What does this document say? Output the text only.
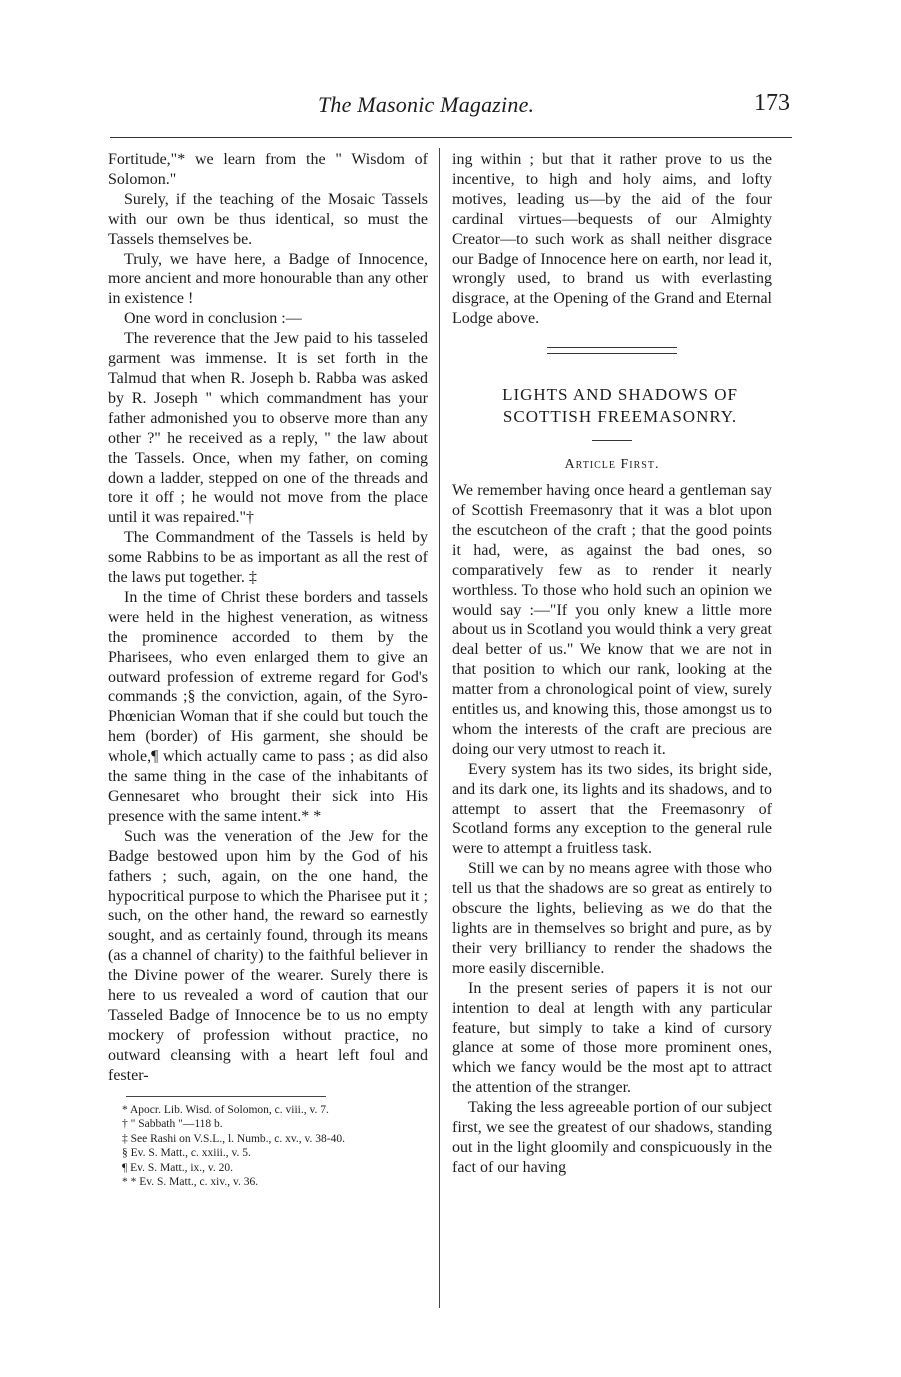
The Masonic Magazine.	173

Fortitude,"* we learn from the " Wisdom of Solomon."

Surely, if the teaching of the Mosaic Tassels with our own be thus identical, so must the Tassels themselves be.

Truly, we have here, a Badge of Innocence, more ancient and more honourable than any other in existence !

One word in conclusion :—

The reverence that the Jew paid to his tasseled garment was immense. It is set forth in the Talmud that when R. Joseph b. Rabba was asked by R. Joseph " which commandment has your father admonished you to observe more than any other ?" he received as a reply, " the law about the Tassels. Once, when my father, on coming down a ladder, stepped on one of the threads and tore it off ; he would not move from the place until it was repaired."†

The Commandment of the Tassels is held by some Rabbins to be as important as all the rest of the laws put together. ‡

In the time of Christ these borders and tassels were held in the highest veneration, as witness the prominence accorded to them by the Pharisees, who even enlarged them to give an outward profession of extreme regard for God's commands ;§ the conviction, again, of the Syro-Phœnician Woman that if she could but touch the hem (border) of His garment, she should be whole,¶ which actually came to pass ; as did also the same thing in the case of the inhabitants of Gennesaret who brought their sick into His presence with the same intent.* *

Such was the veneration of the Jew for the Badge bestowed upon him by the God of his fathers ; such, again, on the one hand, the hypocritical purpose to which the Pharisee put it ; such, on the other hand, the reward so earnestly sought, and as certainly found, through its means (as a channel of charity) to the faithful believer in the Divine power of the wearer. Surely there is here to us revealed a word of caution that our Tasseled Badge of Innocence be to us no empty mockery of profession without practice, no outward cleansing with a heart left foul and fester-

* Apocr. Lib. Wisd. of Solomon, c. viii., v. 7.
† " Sabbath "—118 b.
‡ See Rashi on V.S.L., l. Numb., c. xv., v. 38-40.
§ Ev. S. Matt., c. xxiii., v. 5.
¶ Ev. S. Matt., ix., v. 20.
* * Ev. S. Matt., c. xiv., v. 36.

ing within ; but that it rather prove to us the incentive, to high and holy aims, and lofty motives, leading us—by the aid of the four cardinal virtues—bequests of our Almighty Creator—to such work as shall neither disgrace our Badge of Innocence here on earth, nor lead it, wrongly used, to brand us with everlasting disgrace, at the Opening of the Grand and Eternal Lodge above.

LIGHTS AND SHADOWS OF

SCOTTISH FREEMASONRY.

Article First.

We remember having once heard a gentleman say of Scottish Freemasonry that it was a blot upon the escutcheon of the craft ; that the good points it had, were, as against the bad ones, so comparatively few as to render it nearly worthless. To those who hold such an opinion we would say :—"If you only knew a little more about us in Scotland you would think a very great deal better of us." We know that we are not in that position to which our rank, looking at the matter from a chronological point of view, surely entitles us, and knowing this, those amongst us to whom the interests of the craft are precious are doing our very utmost to reach it.

Every system has its two sides, its bright side, and its dark one, its lights and its shadows, and to attempt to assert that the Freemasonry of Scotland forms any exception to the general rule were to attempt a fruitless task.

Still we can by no means agree with those who tell us that the shadows are so great as entirely to obscure the lights, believing as we do that the lights are in themselves so bright and pure, as by their very brilliancy to render the shadows the more easily discernible.

In the present series of papers it is not our intention to deal at length with any particular feature, but simply to take a kind of cursory glance at some of those more prominent ones, which we fancy would be the most apt to attract the attention of the stranger.

Taking the less agreeable portion of our subject first, we see the greatest of our shadows, standing out in the light gloomily and conspicuously in the fact of our having
